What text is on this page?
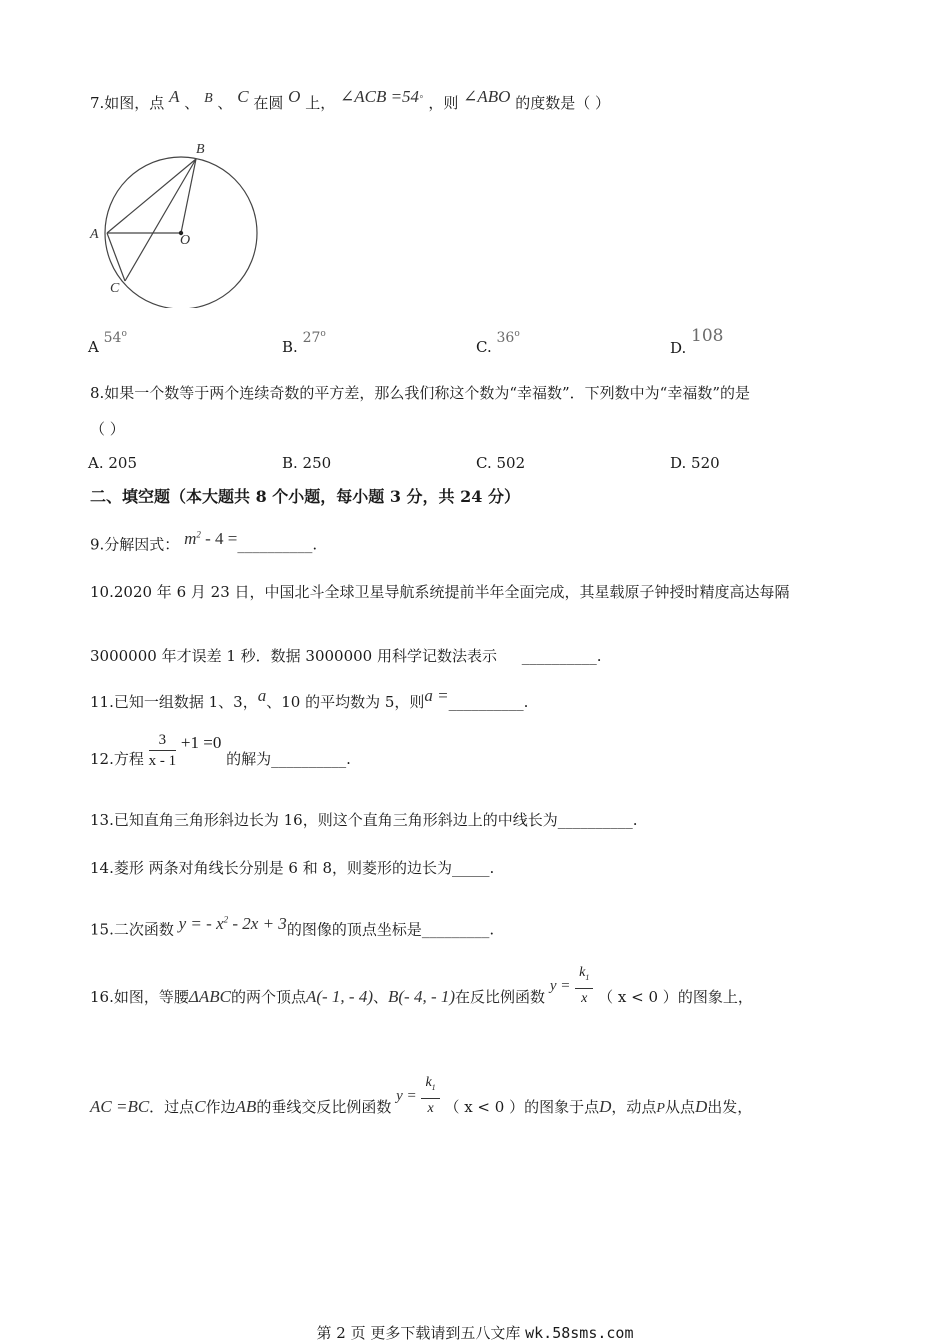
7.如图，点 A 、 B 、 C 在圆 O 上， ∠ACB =54° ，则 ∠ABO 的度数是（ ）
B
A	O
C
A 54$^o$
B. 27$^o$
C. 36$^o$
D. 108
8.如果一个数等于两个连续奇数的平方差，那么我们称这个数为“幸福数”．下列数中为“幸福数”的是
（ ）
A. 205	B. 250	C. 502	D. 520
二、填空题（本大题共 8 个小题，每小题 3 分，共 24 分）
9.分解因式： $m^2 - 4$ =__________.
10.2020 年 6 月 23 日，中国北斗全球卫星导航系统提前半年全面完成，其星载原子钟授时精度高达每隔
3000000 年才误差 1 秒．数据 3000000 用科学记数法表示 __________.
11.已知一组数据 1、3，a、10 的平均数为 5，则a =__________.
12.方程 $\frac{3}{x - 1} +1 =0$ 的解为__________.
13.已知直角三角形斜边长为 16，则这个直角三角形斜边上的中线长为__________.
14.菱形 两条对角线长分别是 6 和 8，则菱形的边长为_____.
15.二次函数 y = - $x^2 - 2x + 3$的图像的顶点坐标是_________.
16.如图，等腰ΔABC的两个顶点A(- 1, - 4)、B(- 4, - 1)在反比例函数 $y = \frac{k_1}{x}$ （ x < 0 ）的图象上，
AC =BC．过点C作边AB的垂线交反比例函数 $y = \frac{k_1}{x}$ （ x < 0 ）的图象于点D，动点P从点D出发，
第 2 页 更多下载请到五八文库 wk.58sms.com
